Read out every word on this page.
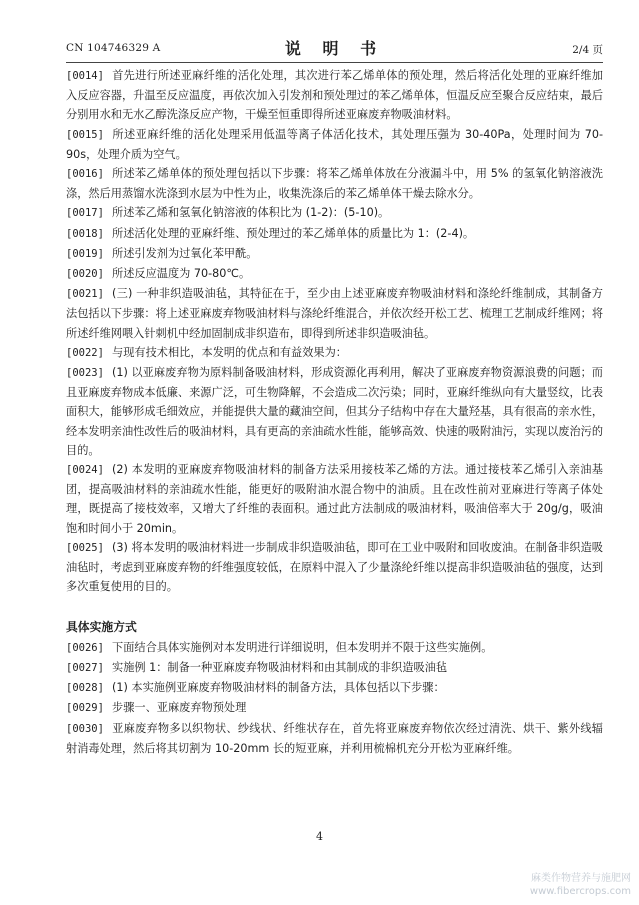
CN 104746329 A	说 明 书	2/4 页

[0014] 首先进行所述亚麻纤维的活化处理，其次进行苯乙烯单体的预处理，然后将活化处理的亚麻纤维加入反应容器，升温至反应温度，再依次加入引发剂和预处理过的苯乙烯单体，恒温反应至聚合反应结束，最后分别用水和无水乙醇洗涤反应产物，干燥至恒重即得所述亚麻废弃物吸油材料。

[0015] 所述亚麻纤维的活化处理采用低温等离子体活化技术，其处理压强为 30-40Pa，处理时间为 70-90s，处理介质为空气。

[0016] 所述苯乙烯单体的预处理包括以下步骤：将苯乙烯单体放在分液漏斗中，用 5% 的氢氧化钠溶液洗涤，然后用蒸馏水洗涤到水层为中性为止，收集洗涤后的苯乙烯单体干燥去除水分。

[0017] 所述苯乙烯和氢氧化钠溶液的体积比为 (1-2)：(5-10)。

[0018] 所述活化处理的亚麻纤维、预处理过的苯乙烯单体的质量比为 1：(2-4)。

[0019] 所述引发剂为过氧化苯甲酰。

[0020] 所述反应温度为 70-80℃。

[0021] (三) 一种非织造吸油毡，其特征在于，至少由上述亚麻废弃物吸油材料和涤纶纤维制成，其制备方法包括以下步骤：将上述亚麻废弃物吸油材料与涤纶纤维混合，并依次经开松工艺、梳理工艺制成纤维网；将所述纤维网喂入针刺机中经加固制成非织造布，即得到所述非织造吸油毡。

[0022] 与现有技术相比，本发明的优点和有益效果为：

[0023] (1) 以亚麻废弃物为原料制备吸油材料，形成资源化再利用，解决了亚麻废弃物资源浪费的问题；而且亚麻废弃物成本低廉、来源广泛，可生物降解，不会造成二次污染；同时，亚麻纤维纵向有大量竖纹，比表面积大，能够形成毛细效应，并能提供大量的藏油空间，但其分子结构中存在大量羟基，具有很高的亲水性，经本发明亲油性改性后的吸油材料，具有更高的亲油疏水性能，能够高效、快速的吸附油污，实现以废治污的目的。

[0024] (2) 本发明的亚麻废弃物吸油材料的制备方法采用接枝苯乙烯的方法。通过接枝苯乙烯引入亲油基团，提高吸油材料的亲油疏水性能，能更好的吸附油水混合物中的油质。且在改性前对亚麻进行等离子体处理，既提高了接枝效率，又增大了纤维的表面积。通过此方法制成的吸油材料，吸油倍率大于 20g/g，吸油饱和时间小于 20min。

[0025] (3) 将本发明的吸油材料进一步制成非织造吸油毡，即可在工业中吸附和回收废油。在制备非织造吸油毡时，考虑到亚麻废弃物的纤维强度较低，在原料中混入了少量涤纶纤维以提高非织造吸油毡的强度，达到多次重复使用的目的。

具体实施方式

[0026] 下面结合具体实施例对本发明进行详细说明，但本发明并不限于这些实施例。

[0027] 实施例 1：制备一种亚麻废弃物吸油材料和由其制成的非织造吸油毡

[0028] (1) 本实施例亚麻废弃物吸油材料的制备方法，具体包括以下步骤：

[0029] 步骤一、亚麻废弃物预处理

[0030] 亚麻废弃物多以织物状、纱线状、纤维状存在，首先将亚麻废弃物依次经过清洗、烘干、紫外线辐射消毒处理，然后将其切割为 10-20mm 长的短亚麻，并利用梳棉机充分开松为亚麻纤维。

4
麻类作物营养与施肥网
www.fibercrops.com
